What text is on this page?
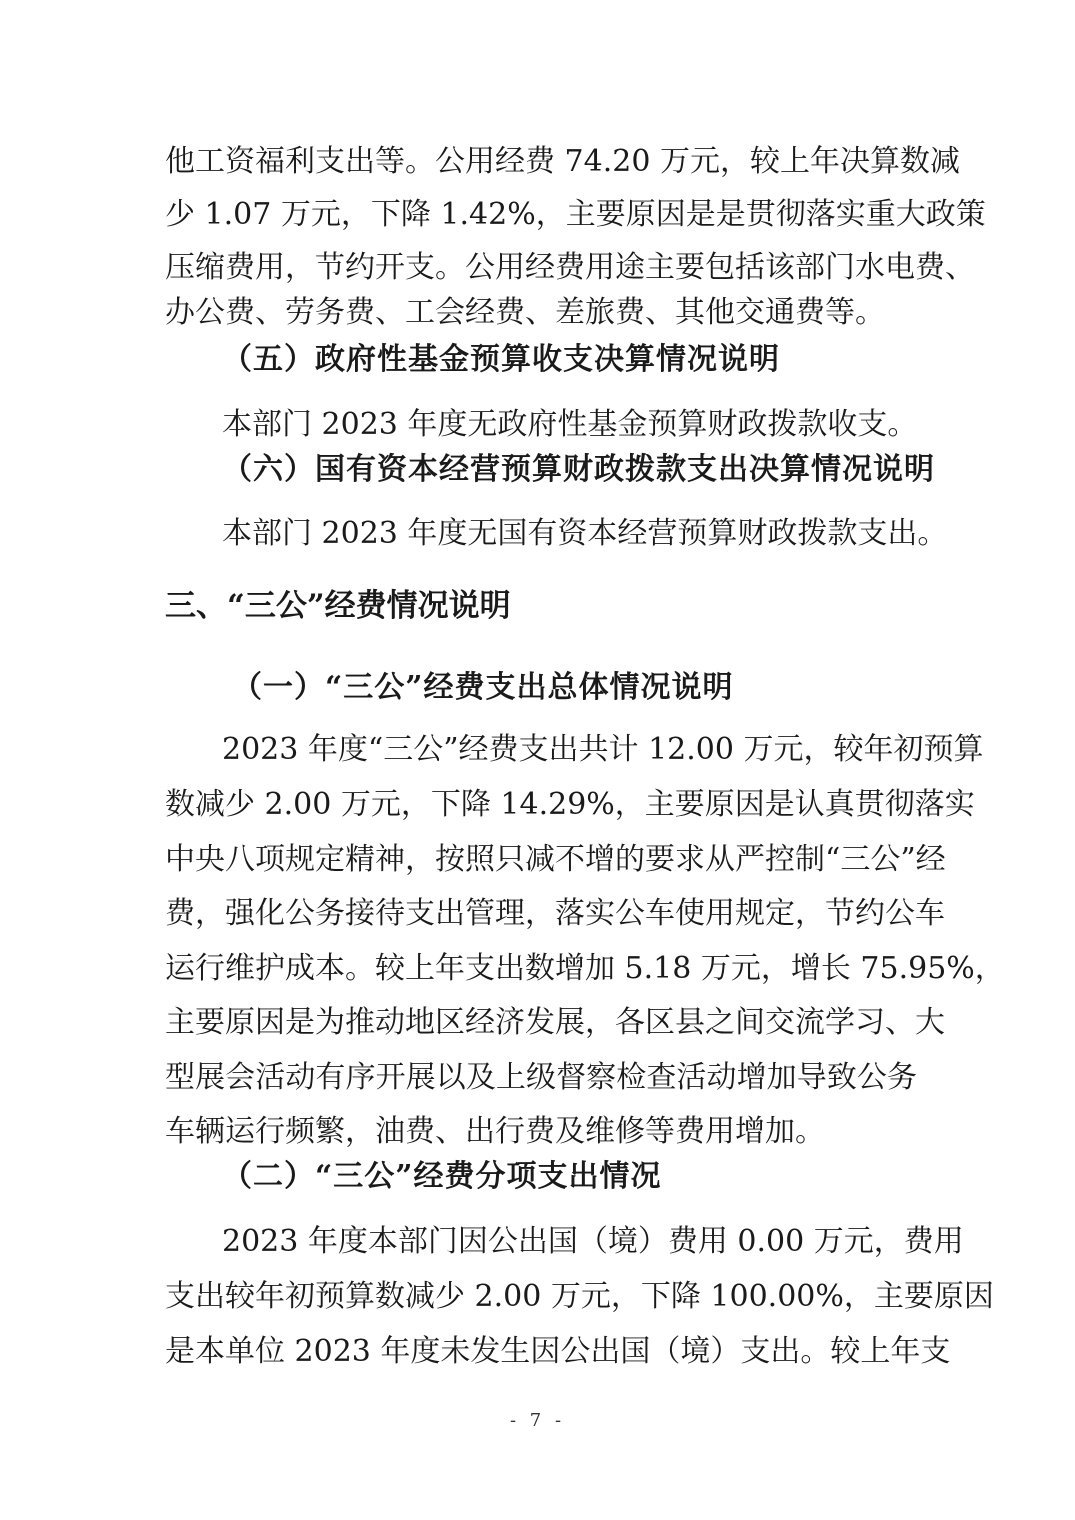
他工资福利支出等。公用经费 74.20 万元，较上年决算数减
少 1.07 万元，下降 1.42%，主要原因是是贯彻落实重大政策
压缩费用，节约开支。公用经费用途主要包括该部门水电费、
办公费、劳务费、工会经费、差旅费、其他交通费等。
（五）政府性基金预算收支决算情况说明
本部门 2023 年度无政府性基金预算财政拨款收支。
（六）国有资本经营预算财政拨款支出决算情况说明
本部门 2023 年度无国有资本经营预算财政拨款支出。
三、“三公”经费情况说明
（一）“三公”经费支出总体情况说明
2023 年度“三公”经费支出共计 12.00 万元，较年初预算
数减少 2.00 万元，下降 14.29%，主要原因是认真贯彻落实
中央八项规定精神，按照只减不增的要求从严控制“三公”经
费，强化公务接待支出管理，落实公车使用规定，节约公车
运行维护成本。较上年支出数增加 5.18 万元，增长 75.95%，
主要原因是为推动地区经济发展，各区县之间交流学习、大
型展会活动有序开展以及上级督察检查活动增加导致公务
车辆运行频繁，油费、出行费及维修等费用增加。
（二）“三公”经费分项支出情况
2023 年度本部门因公出国（境）费用 0.00 万元，费用
支出较年初预算数减少 2.00 万元，下降 100.00%，主要原因
是本单位 2023 年度未发生因公出国（境）支出。较上年支
- 7 -
